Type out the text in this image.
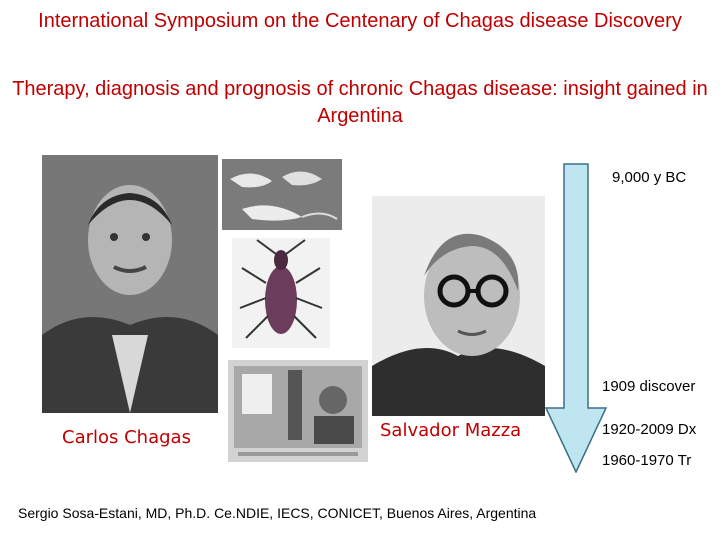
International Symposium on the Centenary of Chagas disease Discovery
Therapy, diagnosis and prognosis of chronic Chagas disease: insight gained in Argentina
Carlos Chagas	Salvador Mazza
9,000 y BC
1909 discover
1920-2009 Dx
1960-1970 Tr
Sergio Sosa-Estani, MD, Ph.D. Ce.NDIE, IECS, CONICET, Buenos Aires, Argentina
